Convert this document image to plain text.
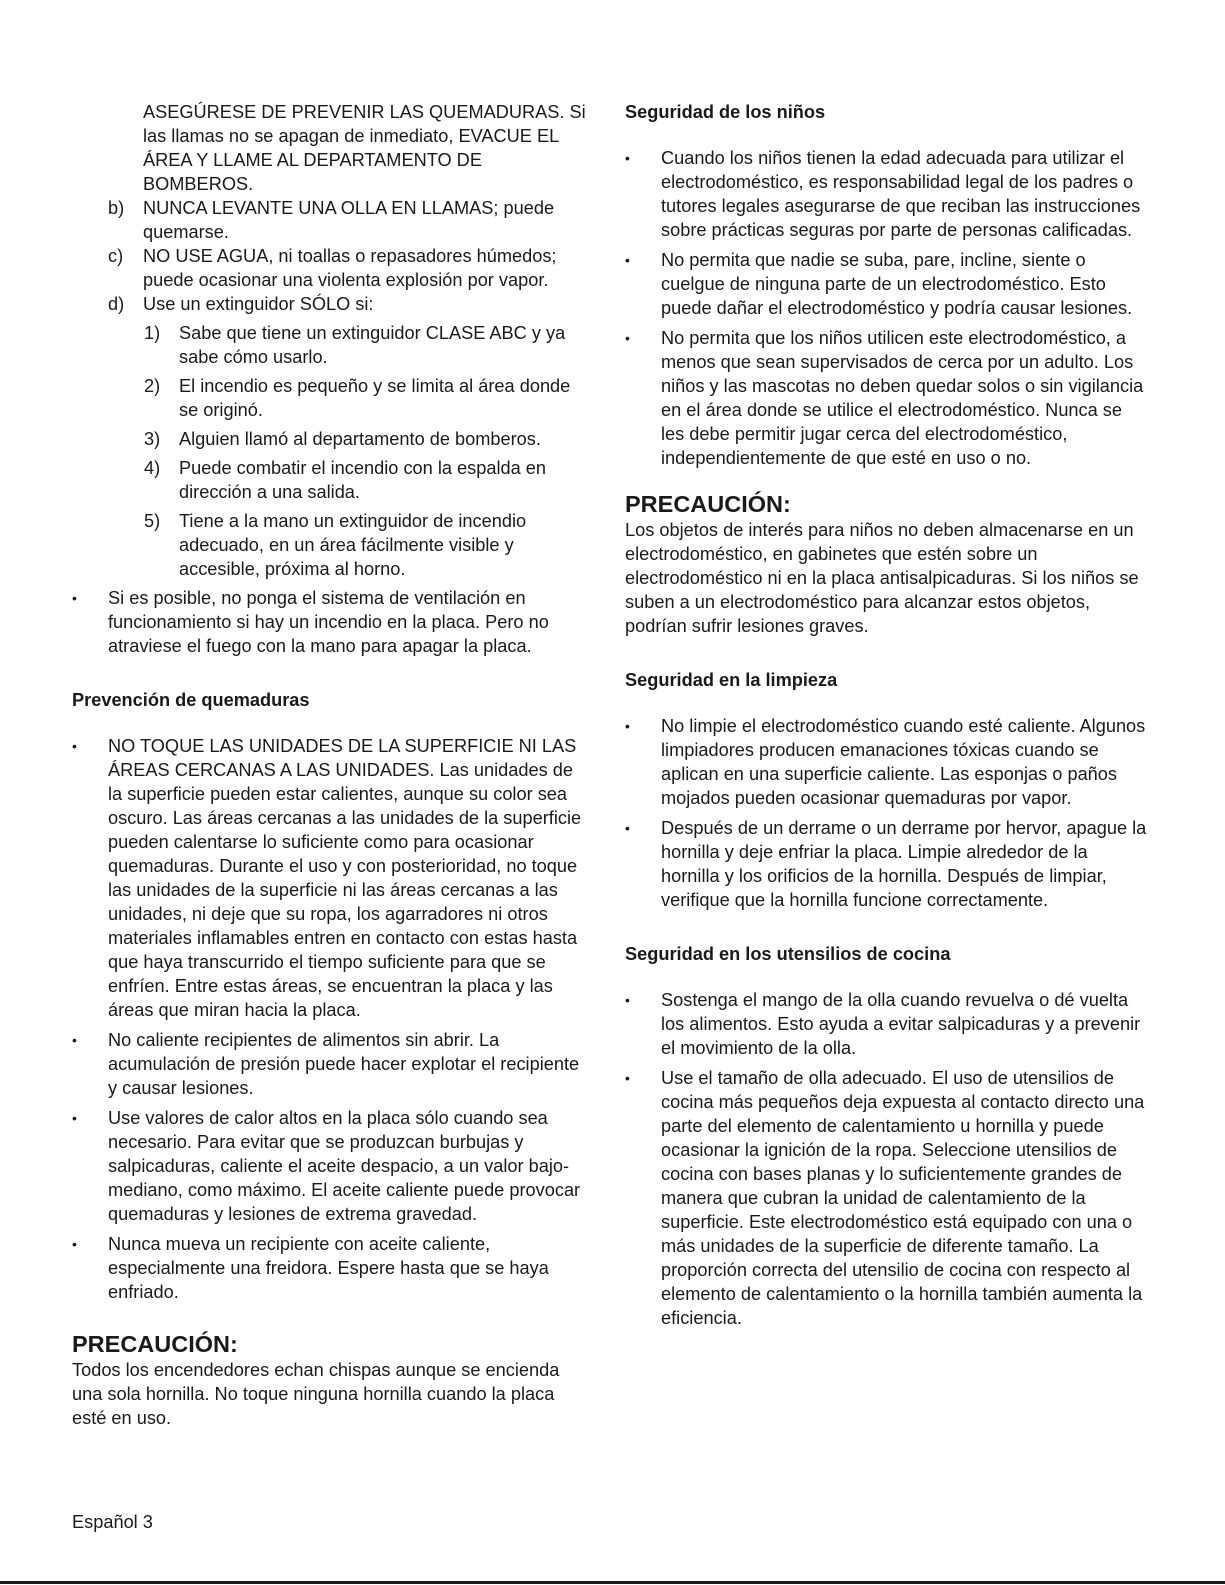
ASEGÚRESE DE PREVENIR LAS QUEMADURAS. Si las llamas no se apagan de inmediato, EVACUE EL ÁREA Y LLAME AL DEPARTAMENTO DE BOMBEROS.

b)	NUNCA LEVANTE UNA OLLA EN LLAMAS; puede quemarse.
c)	NO USE AGUA, ni toallas o repasadores húmedos; puede ocasionar una violenta explosión por vapor.
d)	Use un extinguidor SÓLO si:
1)	Sabe que tiene un extinguidor CLASE ABC y ya sabe cómo usarlo.
2)	El incendio es pequeño y se limita al área donde se originó.
3)	Alguien llamó al departamento de bomberos.
4)	Puede combatir el incendio con la espalda en dirección a una salida.
5)	Tiene a la mano un extinguidor de incendio adecuado, en un área fácilmente visible y accesible, próxima al horno.
•	Si es posible, no ponga el sistema de ventilación en funcionamiento si hay un incendio en la placa. Pero no atraviese el fuego con la mano para apagar la placa.

Prevención de quemaduras

•	NO TOQUE LAS UNIDADES DE LA SUPERFICIE NI LAS ÁREAS CERCANAS A LAS UNIDADES. Las unidades de la superficie pueden estar calientes, aunque su color sea oscuro. Las áreas cercanas a las unidades de la superficie pueden calentarse lo suficiente como para ocasionar quemaduras. Durante el uso y con posterioridad, no toque las unidades de la superficie ni las áreas cercanas a las unidades, ni deje que su ropa, los agarradores ni otros materiales inflamables entren en contacto con estas hasta que haya transcurrido el tiempo suficiente para que se enfríen. Entre estas áreas, se encuentran la placa y las áreas que miran hacia la placa.
•	No caliente recipientes de alimentos sin abrir. La acumulación de presión puede hacer explotar el recipiente y causar lesiones.
•	Use valores de calor altos en la placa sólo cuando sea necesario. Para evitar que se produzcan burbujas y salpicaduras, caliente el aceite despacio, a un valor bajo-mediano, como máximo. El aceite caliente puede provocar quemaduras y lesiones de extrema gravedad.
•	Nunca mueva un recipiente con aceite caliente, especialmente una freidora. Espere hasta que se haya enfriado.

PRECAUCIÓN:

Todos los encendedores echan chispas aunque se encienda una sola hornilla. No toque ninguna hornilla cuando la placa esté en uso.

Seguridad de los niños

•	Cuando los niños tienen la edad adecuada para utilizar el electrodoméstico, es responsabilidad legal de los padres o tutores legales asegurarse de que reciban las instrucciones sobre prácticas seguras por parte de personas calificadas.
•	No permita que nadie se suba, pare, incline, siente o cuelgue de ninguna parte de un electrodoméstico. Esto puede dañar el electrodoméstico y podría causar lesiones.
•	No permita que los niños utilicen este electrodoméstico, a menos que sean supervisados de cerca por un adulto. Los niños y las mascotas no deben quedar solos o sin vigilancia en el área donde se utilice el electrodoméstico. Nunca se les debe permitir jugar cerca del electrodoméstico, independientemente de que esté en uso o no.

PRECAUCIÓN:

Los objetos de interés para niños no deben almacenarse en un electrodoméstico, en gabinetes que estén sobre un electrodoméstico ni en la placa antisalpicaduras. Si los niños se suben a un electrodoméstico para alcanzar estos objetos, podrían sufrir lesiones graves.

Seguridad en la limpieza

•	No limpie el electrodoméstico cuando esté caliente. Algunos limpiadores producen emanaciones tóxicas cuando se aplican en una superficie caliente. Las esponjas o paños mojados pueden ocasionar quemaduras por vapor.
•	Después de un derrame o un derrame por hervor, apague la hornilla y deje enfriar la placa. Limpie alrededor de la hornilla y los orificios de la hornilla. Después de limpiar, verifique que la hornilla funcione correctamente.

Seguridad en los utensilios de cocina

•	Sostenga el mango de la olla cuando revuelva o dé vuelta los alimentos. Esto ayuda a evitar salpicaduras y a prevenir el movimiento de la olla.
•	Use el tamaño de olla adecuado. El uso de utensilios de cocina más pequeños deja expuesta al contacto directo una parte del elemento de calentamiento u hornilla y puede ocasionar la ignición de la ropa. Seleccione utensilios de cocina con bases planas y lo suficientemente grandes de manera que cubran la unidad de calentamiento de la superficie. Este electrodoméstico está equipado con una o más unidades de la superficie de diferente tamaño. La proporción correcta del utensilio de cocina con respecto al elemento de calentamiento o la hornilla también aumenta la eficiencia.
Español 3
